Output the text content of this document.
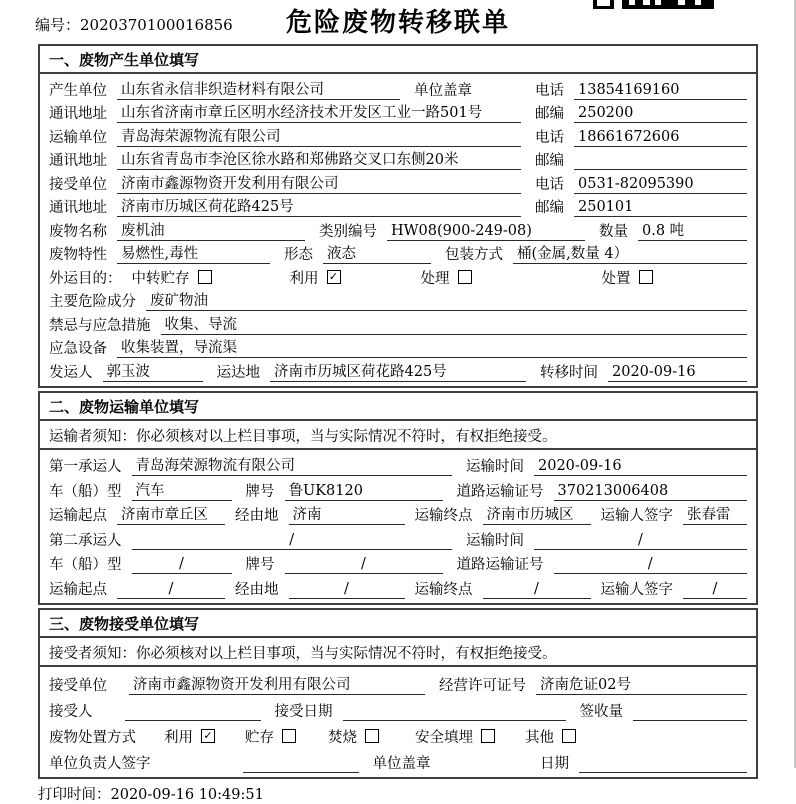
编号：2020370100016856	危险废物转移联单
一、废物产生单位填写
产生单位 山东省永信非织造材料有限公司	单位盖章	电话 13854169160
通讯地址 山东省济南市章丘区明水经济技术开发区工业一路501号	邮编 250200
运输单位 青岛海荣源物流有限公司	电话 18661672606
通讯地址 山东省青岛市李沧区徐水路和郑佛路交叉口东侧20米	邮编
接受单位 济南市鑫源物资开发利用有限公司	电话 0531-82095390
通讯地址 济南市历城区荷花路425号	邮编 250101
废物名称 废机油	类别编号 HW08(900-249-08)	数量 0.8 吨
废物特性 易燃性,毒性	形态 液态	包装方式 桶(金属,数量 4）
外运目的： 中转贮存	利用 ✓	处理	处置
主要危险成分 废矿物油
禁忌与应急措施 收集、导流
应急设备 收集装置，导流渠
发运人 郭玉波	运达地 济南市历城区荷花路425号	转移时间 2020-09-16
二、废物运输单位填写
运输者须知：你必须核对以上栏目事项，当与实际情况不符时，有权拒绝接受。
第一承运人 青岛海荣源物流有限公司	运输时间 2020-09-16
车（船）型 汽车	牌号 鲁UK8120	道路运输证号 370213006408
运输起点 济南市章丘区	经由地 济南	运输终点 济南市历城区	运输人签字 张春雷
第二承运人	/	运输时间	/
车（船）型	/	牌号	/	道路运输证号	/
运输起点	/	经由地	/	运输终点	/	运输人签字	/
三、废物接受单位填写
接受者须知：你必须核对以上栏目事项，当与实际情况不符时，有权拒绝接受。
接受单位 济南市鑫源物资开发利用有限公司	经营许可证号 济南危证02号
接受人	接受日期	签收量
废物处置方式 利用 ✓ 贮存	焚烧	安全填埋	其他
单位负责人签字	单位盖章	日期
打印时间：2020-09-16 10:49:51
